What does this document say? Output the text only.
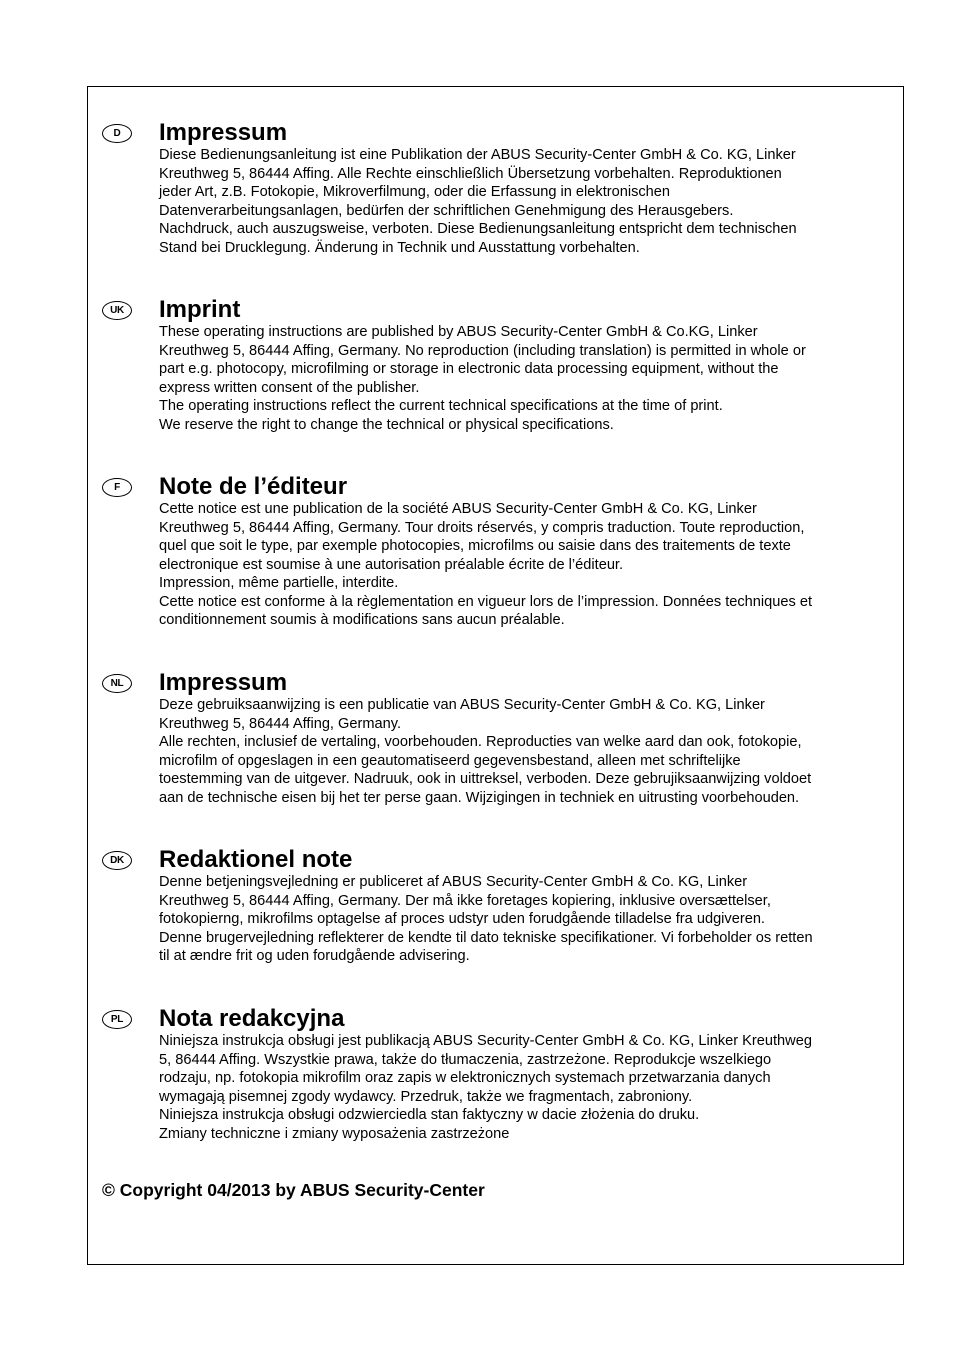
D	Impressum
Diese Bedienungsanleitung ist eine Publikation der ABUS Security-Center GmbH & Co. KG, Linker
Kreuthweg 5, 86444 Affing. Alle Rechte einschließlich Übersetzung vorbehalten. Reproduktionen
jeder Art, z.B. Fotokopie, Mikroverfilmung, oder die Erfassung in elektronischen
Datenverarbeitungsanlagen, bedürfen der schriftlichen Genehmigung des Herausgebers.
Nachdruck, auch auszugsweise, verboten. Diese Bedienungsanleitung entspricht dem technischen
Stand bei Drucklegung. Änderung in Technik und Ausstattung vorbehalten.
UK	Imprint
These operating instructions are published by ABUS Security-Center GmbH & Co.KG, Linker
Kreuthweg 5, 86444 Affing, Germany. No reproduction (including translation) is permitted in whole or
part e.g. photocopy, microfilming or storage in electronic data processing equipment, without the
express written consent of the publisher.
The operating instructions reflect the current technical specifications at the time of print.
We reserve the right to change the technical or physical specifications.
F	Note de l’éditeur
Cette notice est une publication de la société ABUS Security-Center GmbH & Co. KG, Linker
Kreuthweg 5, 86444 Affing, Germany. Tour droits réservés, y compris traduction. Toute reproduction,
quel que soit le type, par exemple photocopies, microfilms ou saisie dans des traitements de texte
electronique est soumise à une autorisation préalable écrite de l’éditeur.
Impression, même partielle, interdite.
Cette notice est conforme à la règlementation en vigueur lors de l’impression. Données techniques et
conditionnement soumis à modifications sans aucun préalable.
NL	Impressum
Deze gebruiksaanwijzing is een publicatie van ABUS Security-Center GmbH & Co. KG, Linker
Kreuthweg 5, 86444 Affing, Germany.
Alle rechten, inclusief de vertaling, voorbehouden. Reproducties van welke aard dan ook, fotokopie,
microfilm of opgeslagen in een geautomatiseerd gegevensbestand, alleen met schriftelijke
toestemming van de uitgever. Nadruuk, ook in uittreksel, verboden. Deze gebrujiksaanwijzing voldoet
aan de technische eisen bij het ter perse gaan. Wijzigingen in techniek en uitrusting voorbehouden.
DK	Redaktionel note
Denne betjeningsvejledning er publiceret af ABUS Security-Center GmbH & Co. KG, Linker
Kreuthweg 5, 86444 Affing, Germany. Der må ikke foretages kopiering, inklusive oversættelser,
fotokopierng, mikrofilms optagelse af proces udstyr uden forudgående tilladelse fra udgiveren.
Denne brugervejledning reflekterer de kendte til dato tekniske specifikationer. Vi forbeholder os retten
til at ændre frit og uden forudgående advisering.
PL	Nota redakcyjna
Niniejsza instrukcja obsługi jest publikacją ABUS Security-Center GmbH & Co. KG, Linker Kreuthweg
5, 86444 Affing. Wszystkie prawa, także do tłumaczenia, zastrzeżone. Reprodukcje wszelkiego
rodzaju, np. fotokopia mikrofilm oraz zapis w elektronicznych systemach przetwarzania danych
wymagają pisemnej zgody wydawcy. Przedruk, także we fragmentach, zabroniony.
Niniejsza instrukcja obsługi odzwierciedla stan faktyczny w dacie złożenia do druku.
Zmiany techniczne i zmiany wyposażenia zastrzeżone
© Copyright 04/2013 by ABUS Security-Center
